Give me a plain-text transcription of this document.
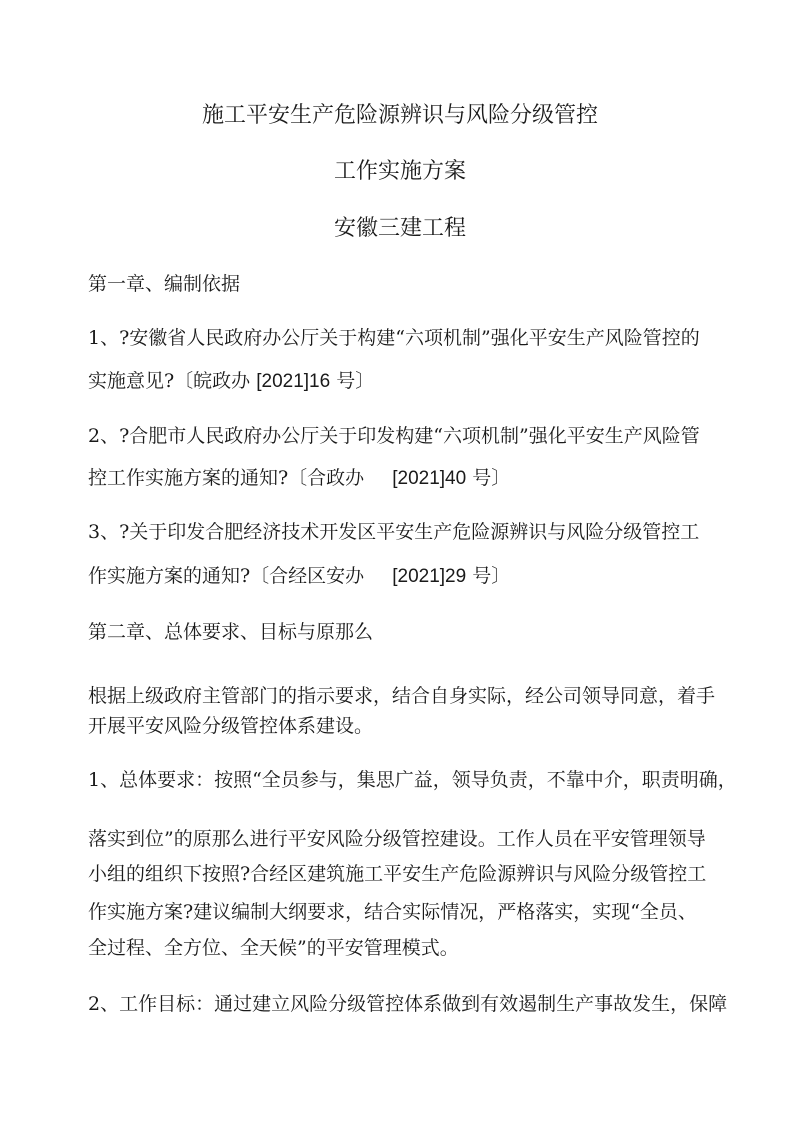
施工平安生产危险源辨识与风险分级管控

工作实施方案

安徽三建工程

第一章、编制依据

1、?安徽省人民政府办公厅关于构建“六项机制”强化平安生产风险管控的

实施意见?〔皖政办 [2021]16 号〕

2、?合肥市人民政府办公厅关于印发构建“六项机制”强化平安生产风险管

控工作实施方案的通知?〔合政办 [2021]40 号〕

3、?关于印发合肥经济技术开发区平安生产危险源辨识与风险分级管控工

作实施方案的通知?〔合经区安办 [2021]29 号〕

第二章、总体要求、目标与原那么

根据上级政府主管部门的指示要求，结合自身实际，经公司领导同意，着手

开展平安风险分级管控体系建设。

1、总体要求：按照“全员参与，集思广益，领导负责，不靠中介，职责明确，

落实到位”的原那么进行平安风险分级管控建设。工作人员在平安管理领导

小组的组织下按照?合经区建筑施工平安生产危险源辨识与风险分级管控工

作实施方案?建议编制大纲要求，结合实际情况，严格落实，实现“全员、

全过程、全方位、全天候”的平安管理模式。

2、工作目标：通过建立风险分级管控体系做到有效遏制生产事故发生，保障
